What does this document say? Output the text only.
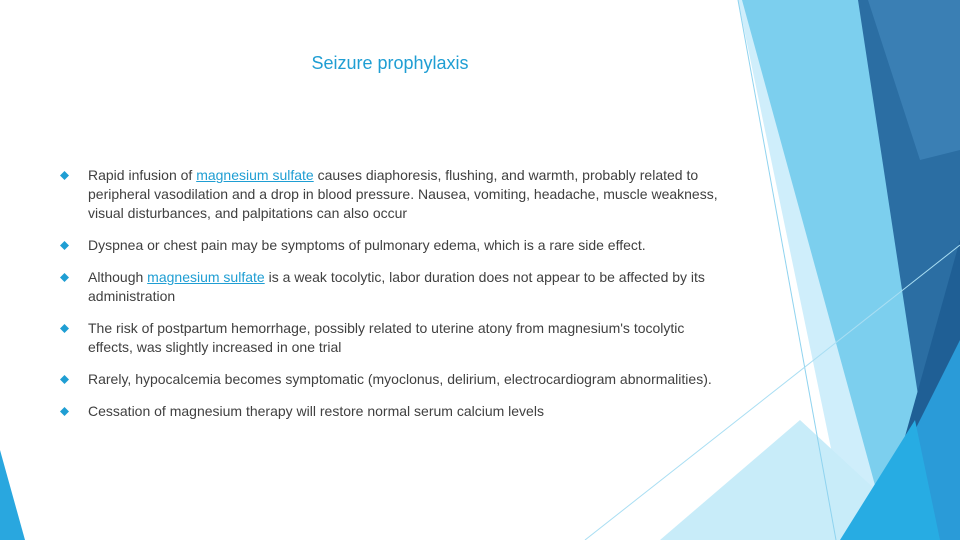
Seizure prophylaxis
Rapid infusion of magnesium sulfate causes diaphoresis, flushing, and warmth, probably related to peripheral vasodilation and a drop in blood pressure. Nausea, vomiting, headache, muscle weakness, visual disturbances, and palpitations can also occur
Dyspnea or chest pain may be symptoms of pulmonary edema, which is a rare side effect.
Although magnesium sulfate is a weak tocolytic, labor duration does not appear to be affected by its administration
The risk of postpartum hemorrhage, possibly related to uterine atony from magnesium's tocolytic effects, was slightly increased in one trial
Rarely, hypocalcemia becomes symptomatic (myoclonus, delirium, electrocardiogram abnormalities).
Cessation of magnesium therapy will restore normal serum calcium levels
